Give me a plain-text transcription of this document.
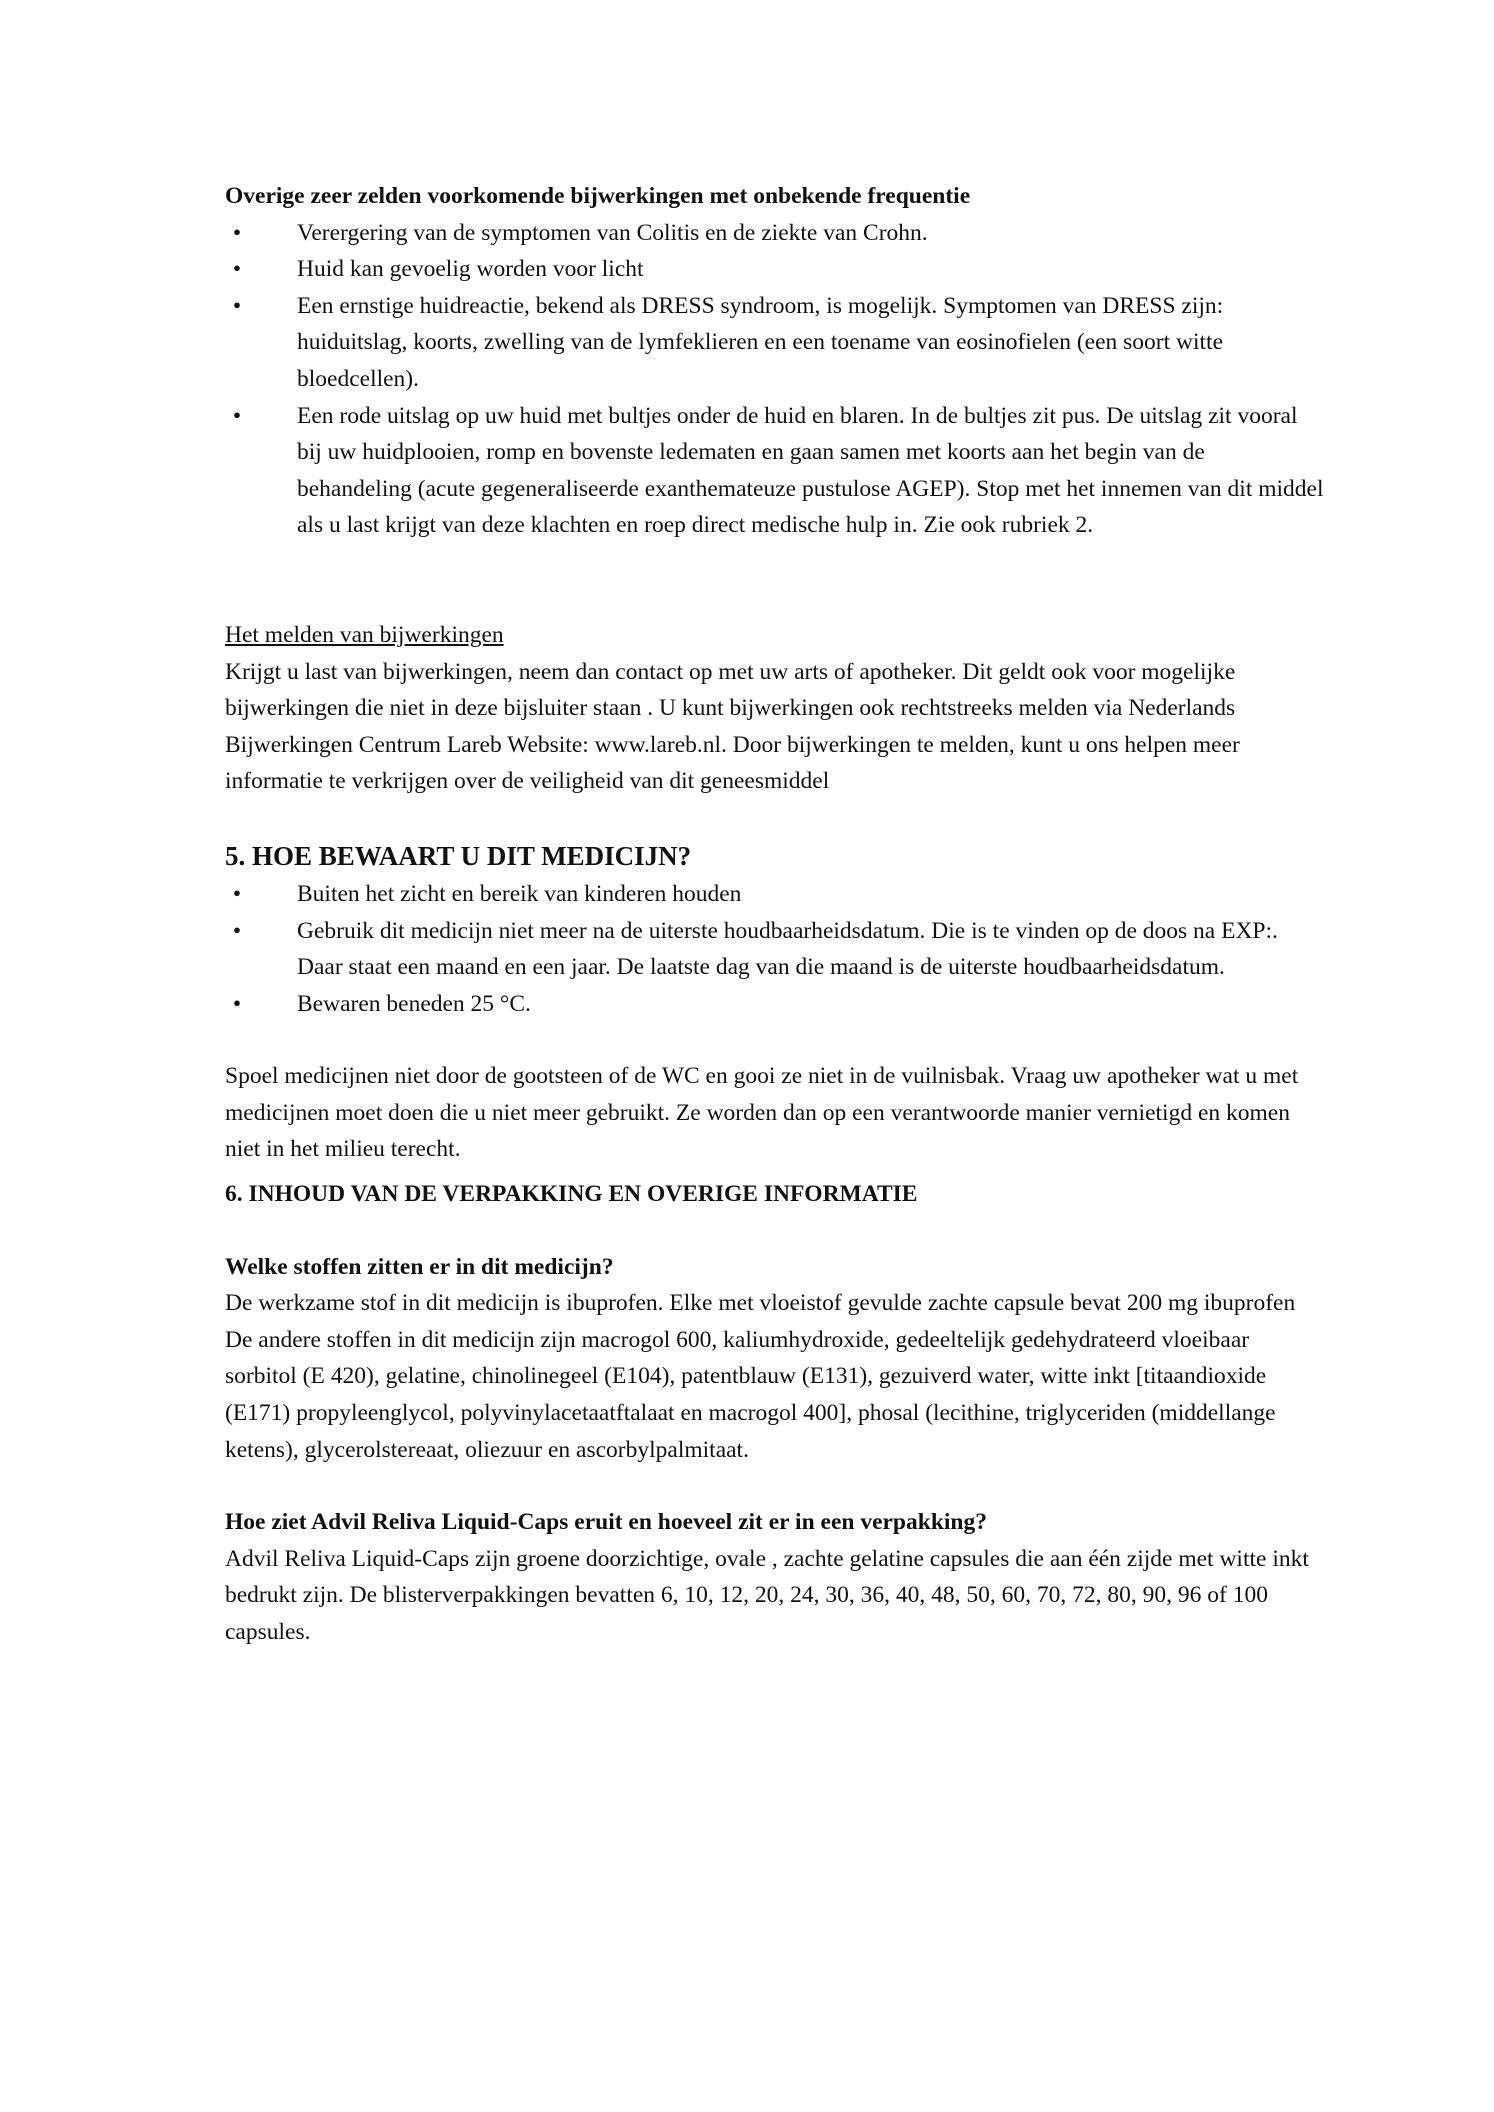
Overige zeer zelden voorkomende bijwerkingen met onbekende frequentie

• Verergering van de symptomen van Colitis en de ziekte van Crohn.
• Huid kan gevoelig worden voor licht
• Een ernstige huidreactie, bekend als DRESS syndroom, is mogelijk. Symptomen van DRESS zijn: huiduitslag, koorts, zwelling van de lymfeklieren en een toename van eosinofielen (een soort witte bloedcellen).
• Een rode uitslag op uw huid met bultjes onder de huid en blaren. In de bultjes zit pus. De uitslag zit vooral bij uw huidplooien, romp en bovenste ledematen en gaan samen met koorts aan het begin van de behandeling (acute gegeneraliseerde exanthemateuze pustulose AGEP). Stop met het innemen van dit middel als u last krijgt van deze klachten en roep direct medische hulp in. Zie ook rubriek 2.

Het melden van bijwerkingen

Krijgt u last van bijwerkingen, neem dan contact op met uw arts of apotheker. Dit geldt ook voor mogelijke bijwerkingen die niet in deze bijsluiter staan . U kunt bijwerkingen ook rechtstreeks melden via Nederlands Bijwerkingen Centrum Lareb Website: www.lareb.nl. Door bijwerkingen te melden, kunt u ons helpen meer informatie te verkrijgen over de veiligheid van dit geneesmiddel

5. HOE BEWAART U DIT MEDICIJN?

• Buiten het zicht en bereik van kinderen houden
• Gebruik dit medicijn niet meer na de uiterste houdbaarheidsdatum. Die is te vinden op de doos na EXP:. Daar staat een maand en een jaar. De laatste dag van die maand is de uiterste houdbaarheidsdatum.
• Bewaren beneden 25 °C.

Spoel medicijnen niet door de gootsteen of de WC en gooi ze niet in de vuilnisbak. Vraag uw apotheker wat u met medicijnen moet doen die u niet meer gebruikt. Ze worden dan op een verantwoorde manier vernietigd en komen niet in het milieu terecht.

6. INHOUD VAN DE VERPAKKING EN OVERIGE INFORMATIE

Welke stoffen zitten er in dit medicijn?

De werkzame stof in dit medicijn is ibuprofen. Elke met vloeistof gevulde zachte capsule bevat 200 mg ibuprofen

De andere stoffen in dit medicijn zijn macrogol 600, kaliumhydroxide, gedeeltelijk gedehydrateerd vloeibaar sorbitol (E 420), gelatine, chinolinegeel (E104), patentblauw (E131), gezuiverd water, witte inkt [titaandioxide (E171) propyleenglycol, polyvinylacetaatftalaat en macrogol 400], phosal (lecithine, triglyceriden (middellange ketens), glycerolstereaat, oliezuur en ascorbylpalmitaat.

Hoe ziet Advil Reliva Liquid-Caps eruit en hoeveel zit er in een verpakking?

Advil Reliva Liquid-Caps zijn groene doorzichtige, ovale , zachte gelatine capsules die aan één zijde met witte inkt bedrukt zijn. De blisterverpakkingen bevatten 6, 10, 12, 20, 24, 30, 36, 40, 48, 50, 60, 70, 72, 80, 90, 96 of 100 capsules.
